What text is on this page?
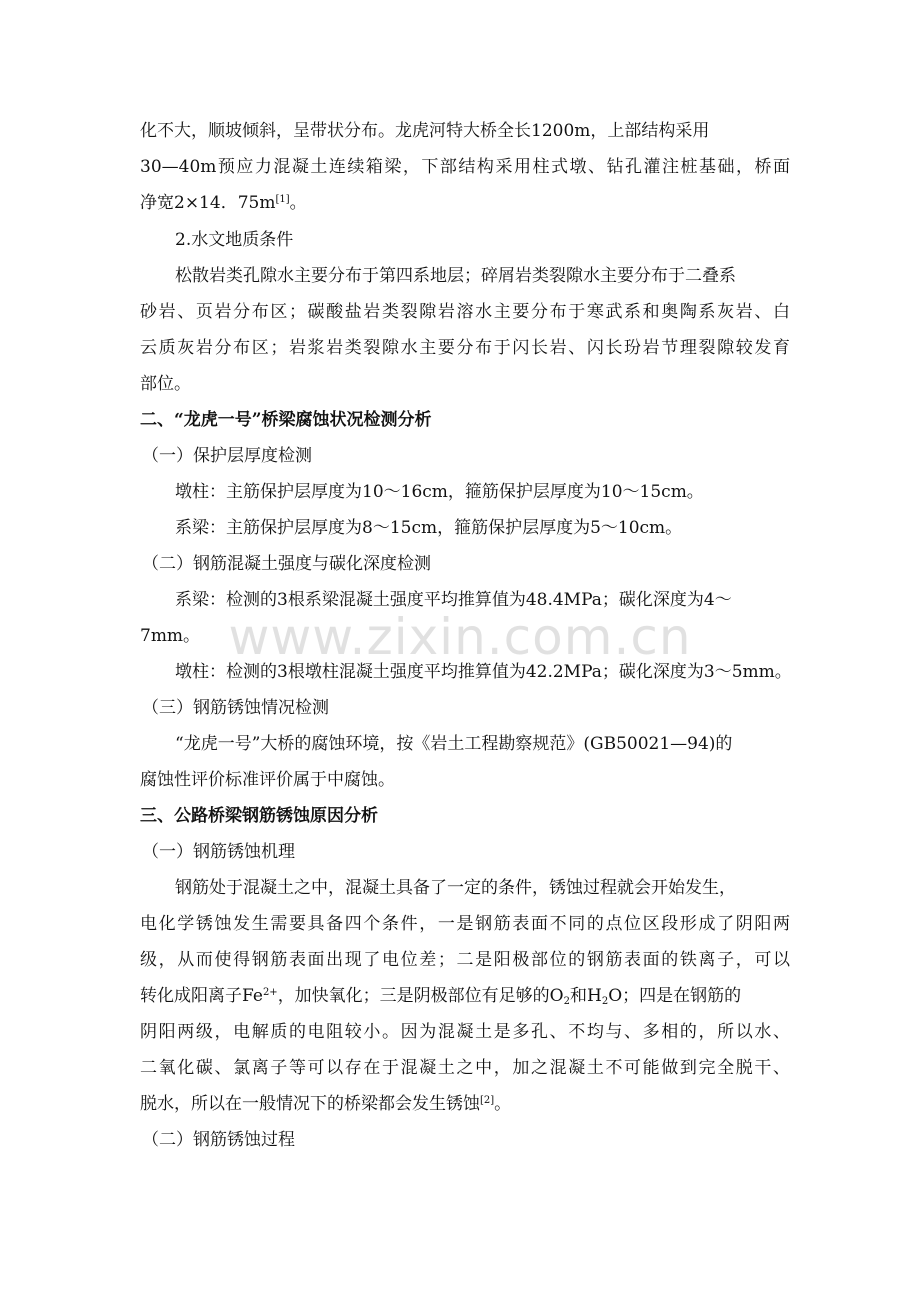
化不大，顺坡倾斜，呈带状分布。龙虎河特大桥全长1200m，上部结构采用
30—40m预应力混凝土连续箱梁，下部结构采用柱式墩、钻孔灌注桩基础，桥面
净宽2×14．75m[1]。
2.水文地质条件
松散岩类孔隙水主要分布于第四系地层；碎屑岩类裂隙水主要分布于二叠系
砂岩、页岩分布区；碳酸盐岩类裂隙岩溶水主要分布于寒武系和奥陶系灰岩、白
云质灰岩分布区；岩浆岩类裂隙水主要分布于闪长岩、闪长玢岩节理裂隙较发育
部位。
二、“龙虎一号”桥梁腐蚀状况检测分析
（一）保护层厚度检测
墩柱：主筋保护层厚度为10～16cm，箍筋保护层厚度为10～15cm。
系梁：主筋保护层厚度为8～15cm，箍筋保护层厚度为5～10cm。
（二）钢筋混凝土强度与碳化深度检测
系梁：检测的3根系梁混凝土强度平均推算值为48.4MPa；碳化深度为4～
7mm。
墩柱：检测的3根墩柱混凝土强度平均推算值为42.2MPa；碳化深度为3～5mm。
（三）钢筋锈蚀情况检测
“龙虎一号”大桥的腐蚀环境，按《岩土工程勘察规范》(GB50021—94)的
腐蚀性评价标准评价属于中腐蚀。
三、公路桥梁钢筋锈蚀原因分析
（一）钢筋锈蚀机理
钢筋处于混凝土之中，混凝土具备了一定的条件，锈蚀过程就会开始发生，
电化学锈蚀发生需要具备四个条件，一是钢筋表面不同的点位区段形成了阴阳两
级，从而使得钢筋表面出现了电位差；二是阳极部位的钢筋表面的铁离子，可以
转化成阳离子$Fe^{2+}$，加快氧化；三是阴极部位有足够的$O_2$和$H_2O$；四是在钢筋的
阴阳两级，电解质的电阻较小。因为混凝土是多孔、不均与、多相的，所以水、
二氧化碳、氯离子等可以存在于混凝土之中，加之混凝土不可能做到完全脱干、
脱水，所以在一般情况下的桥梁都会发生锈蚀[2]。
（二）钢筋锈蚀过程
www.zixin.com.cn
